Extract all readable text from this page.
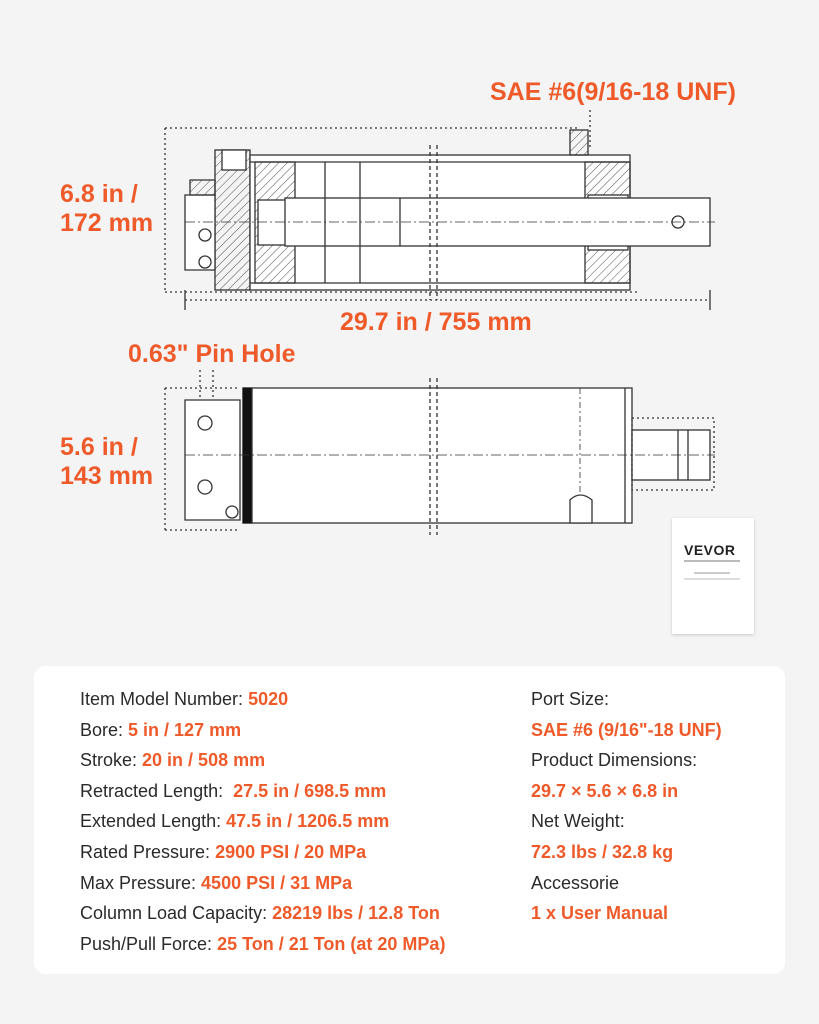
SAE #6(9/16-18 UNF)
6.8 in /
172 mm
29.7 in / 755 mm
0.63" Pin Hole
5.6 in /
143 mm
VEVOR
Item Model Number: 5020
Bore: 5 in / 127 mm
Stroke: 20 in / 508 mm
Retracted Length:  27.5 in / 698.5 mm
Extended Length: 47.5 in / 1206.5 mm
Rated Pressure: 2900 PSI / 20 MPa
Max Pressure: 4500 PSI / 31 MPa
Column Load Capacity: 28219 lbs / 12.8 Ton
Push/Pull Force: 25 Ton / 21 Ton (at 20 MPa)
Port Size:
SAE #6 (9/16"-18 UNF)
Product Dimensions:
29.7 × 5.6 × 6.8 in
Net Weight:
72.3 lbs / 32.8 kg
Accessorie
1 x User Manual
